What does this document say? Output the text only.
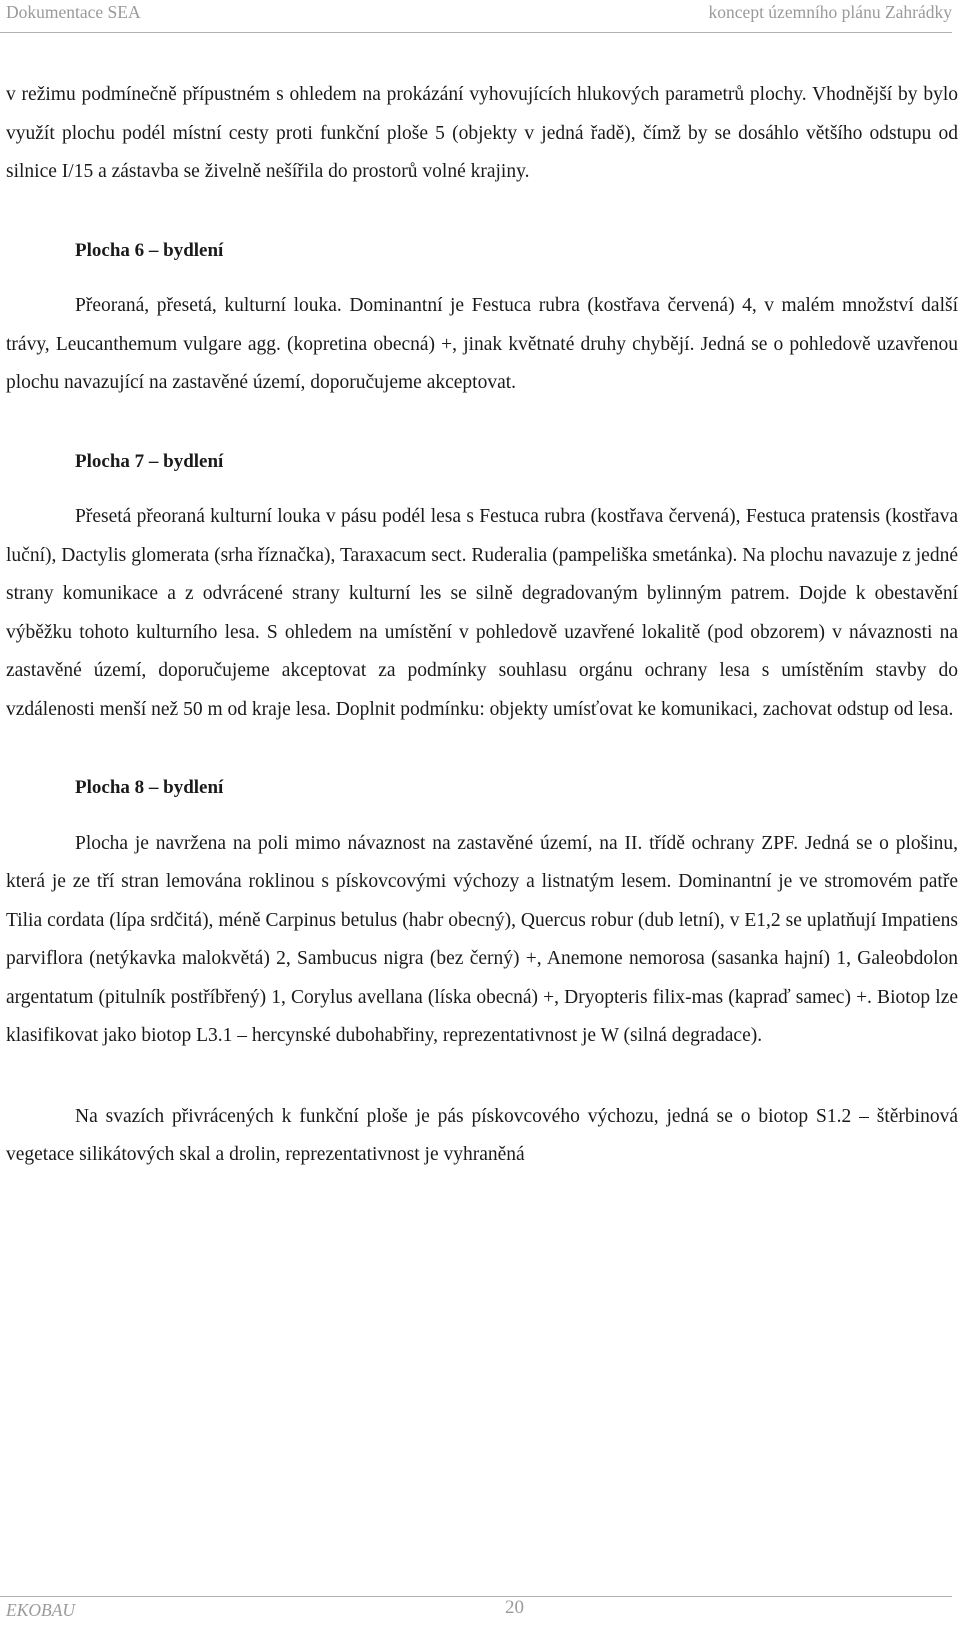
Dokumentace SEA	koncept územního plánu Zahrádky

v režimu podmínečně přípustném s ohledem na prokázání vyhovujících hlukových parametrů plochy. Vhodnější by bylo využít plochu podél místní cesty proti funkční ploše 5 (objekty v jedná řadě), čímž by se dosáhlo většího odstupu od silnice I/15 a zástavba se živelně nešířila do prostorů volné krajiny.

Plocha 6 – bydlení

Přeoraná, přesetá, kulturní louka. Dominantní je Festuca rubra (kostřava červená) 4, v malém množství další trávy, Leucanthemum vulgare agg. (kopretina obecná) +, jinak květnaté druhy chybějí. Jedná se o pohledově uzavřenou plochu navazující na zastavěné území, doporučujeme akceptovat.

Plocha 7 – bydlení

Přesetá přeoraná kulturní louka v pásu podél lesa s Festuca rubra (kostřava červená), Festuca pratensis (kostřava luční), Dactylis glomerata (srha říznačka), Taraxacum sect. Ruderalia (pampeliška smetánka). Na plochu navazuje z jedné strany komunikace a z odvrácené strany kulturní les se silně degradovaným bylinným patrem. Dojde k obestavění výběžku tohoto kulturního lesa. S ohledem na umístění v pohledově uzavřené lokalitě (pod obzorem) v návaznosti na zastavěné území, doporučujeme akceptovat za podmínky souhlasu orgánu ochrany lesa s umístěním stavby do vzdálenosti menší než 50 m od kraje lesa. Doplnit podmínku: objekty umísťovat ke komunikaci, zachovat odstup od lesa.

Plocha 8 – bydlení

Plocha je navržena na poli mimo návaznost na zastavěné území, na II. třídě ochrany ZPF. Jedná se o plošinu, která je ze tří stran lemována roklinou s pískovcovými výchozy a listnatým lesem. Dominantní je ve stromovém patře Tilia cordata (lípa srdčitá), méně Carpinus betulus (habr obecný), Quercus robur (dub letní), v E1,2 se uplatňují Impatiens parviflora (netýkavka malokvětá) 2, Sambucus nigra (bez černý) +, Anemone nemorosa (sasanka hajní) 1, Galeobdolon argentatum (pitulník postříbřený) 1, Corylus avellana (líska obecná) +, Dryopteris filix-mas (kapraď samec) +. Biotop lze klasifikovat jako biotop L3.1 – hercynské dubohabřiny, reprezentativnost je W (silná degradace).

Na svazích přivrácených k funkční ploše je pás pískovcového výchozu, jedná se o biotop S1.2 – štěrbinová vegetace silikátových skal a drolin, reprezentativnost je vyhraněná

EKOBAU	20
